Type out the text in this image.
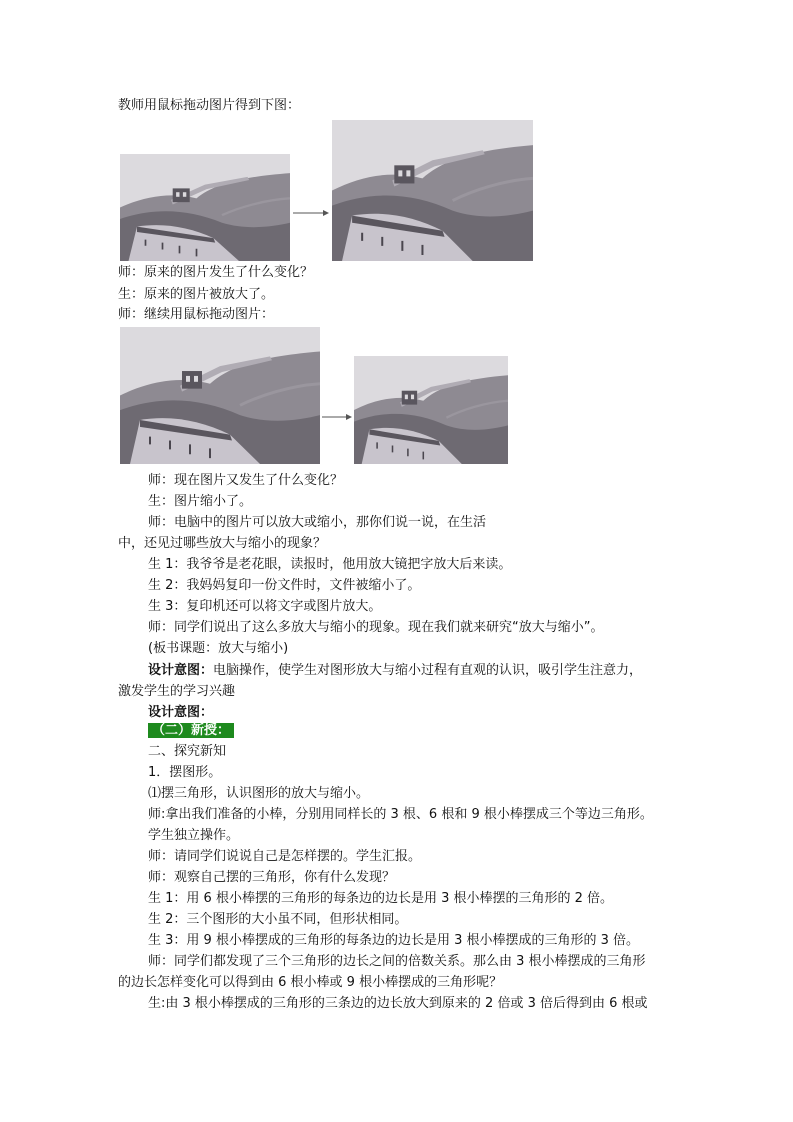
教师用鼠标拖动图片得到下图：
师：原来的图片发生了什么变化？
生：原来的图片被放大了。
师：继续用鼠标拖动图片：
师：现在图片又发生了什么变化？
生：图片缩小了。
师：电脑中的图片可以放大或缩小，那你们说一说，在生活
中，还见过哪些放大与缩小的现象？
生 1：我爷爷是老花眼，读报时，他用放大镜把字放大后来读。
生 2：我妈妈复印一份文件时，文件被缩小了。
生 3：复印机还可以将文字或图片放大。
师：同学们说出了这么多放大与缩小的现象。现在我们就来研究“放大与缩小”。
(板书课题：放大与缩小)
设计意图：电脑操作，使学生对图形放大与缩小过程有直观的认识，吸引学生注意力，
激发学生的学习兴趣
设计意图：
（二）新授：
二、探究新知
1．摆图形。
⑴摆三角形，认识图形的放大与缩小。
师:拿出我们准备的小棒，分别用同样长的 3 根、6 根和 9 根小棒摆成三个等边三角形。
学生独立操作。
师：请同学们说说自己是怎样摆的。学生汇报。
师：观察自己摆的三角形，你有什么发现？
生 1：用 6 根小棒摆的三角形的每条边的边长是用 3 根小棒摆的三角形的 2 倍。
生 2：三个图形的大小虽不同，但形状相同。
生 3：用 9 根小棒摆成的三角形的每条边的边长是用 3 根小棒摆成的三角形的 3 倍。
师：同学们都发现了三个三角形的边长之间的倍数关系。那么由 3 根小棒摆成的三角形
的边长怎样变化可以得到由 6 根小棒或 9 根小棒摆成的三角形呢？
生:由 3 根小棒摆成的三角形的三条边的边长放大到原来的 2 倍或 3 倍后得到由 6 根或
